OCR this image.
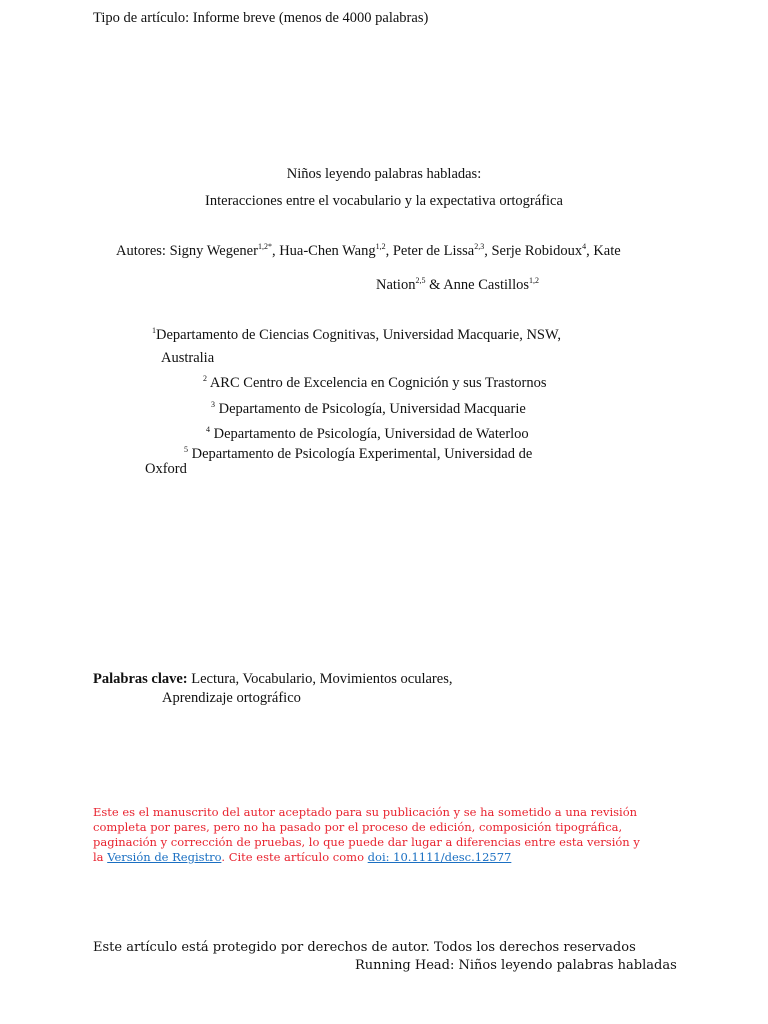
Tipo de artículo: Informe breve (menos de 4000 palabras)
Niños leyendo palabras habladas:
Interacciones entre el vocabulario y la expectativa ortográfica
Autores: Signy Wegener$^{1,2*}$, Hua-Chen Wang$^{1,2}$, Peter de Lissa$^{2,3}$, Serje Robidoux$^4$, Kate
Nation$^{2,5}$ & Anne Castillos$^{1,2}$
$^1$Departamento de Ciencias Cognitivas, Universidad Macquarie, NSW,
Australia
$^2$ ARC Centro de Excelencia en Cognición y sus Trastornos
$^3$ Departamento de Psicología, Universidad Macquarie
$^4$ Departamento de Psicología, Universidad de Waterloo
$^5$ Departamento de Psicología Experimental, Universidad de
Oxford
Palabras clave: Lectura, Vocabulario, Movimientos oculares,
Aprendizaje ortográfico
Este es el manuscrito del autor aceptado para su publicación y se ha sometido a una revisión completa por pares, pero no ha pasado por el proceso de edición, composición tipográfica, paginación y corrección de pruebas, lo que puede dar lugar a diferencias entre esta versión y la Versión de Registro. Cite este artículo como doi: 10.1111/desc.12577
Este artículo está protegido por derechos de autor. Todos los derechos reservados
Running Head: Niños leyendo palabras habladas
